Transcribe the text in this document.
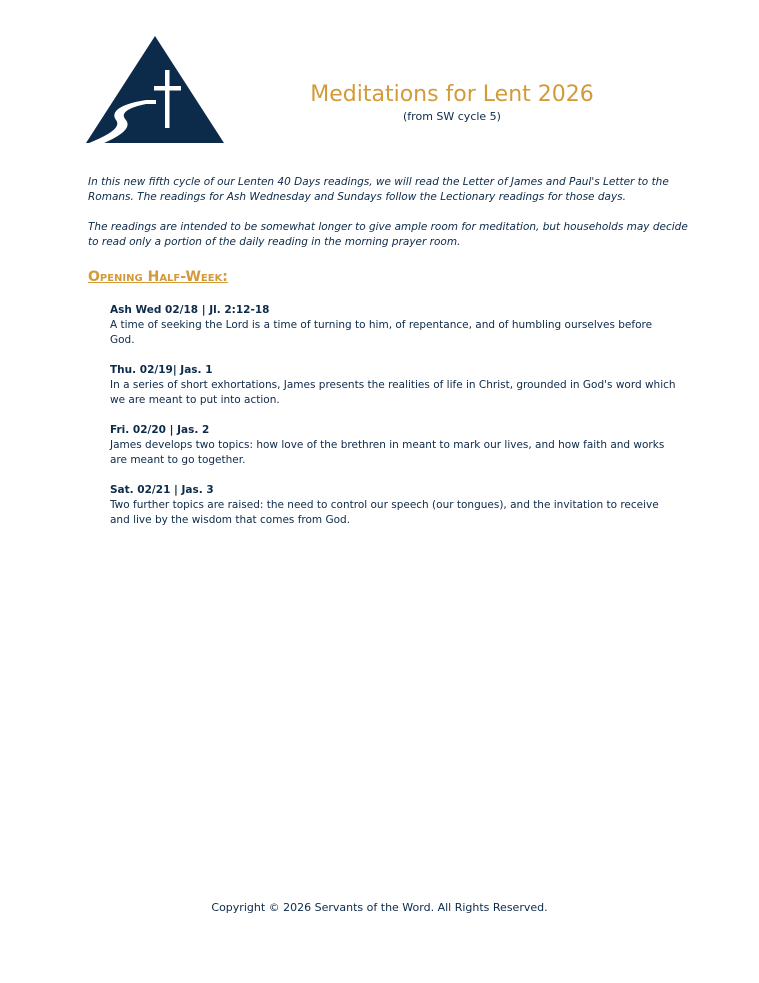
Meditations for Lent 2026

(from SW cycle 5)

In this new fifth cycle of our Lenten 40 Days readings, we will read the Letter of James and Paul's Letter to the Romans. The readings for Ash Wednesday and Sundays follow the Lectionary readings for those days.

The readings are intended to be somewhat longer to give ample room for meditation, but households may decide to read only a portion of the daily reading in the morning prayer room.

Opening Half-Week:

Ash Wed 02/18 | Jl. 2:12-18

A time of seeking the Lord is a time of turning to him, of repentance, and of humbling ourselves before God.

Thu. 02/19| Jas. 1

In a series of short exhortations, James presents the realities of life in Christ, grounded in God's word which we are meant to put into action.

Fri. 02/20 | Jas. 2

James develops two topics: how love of the brethren in meant to mark our lives, and how faith and works are meant to go together.

Sat. 02/21 | Jas. 3

Two further topics are raised: the need to control our speech (our tongues), and the invitation to receive and live by the wisdom that comes from God.

Copyright © 2026 Servants of the Word. All Rights Reserved.
